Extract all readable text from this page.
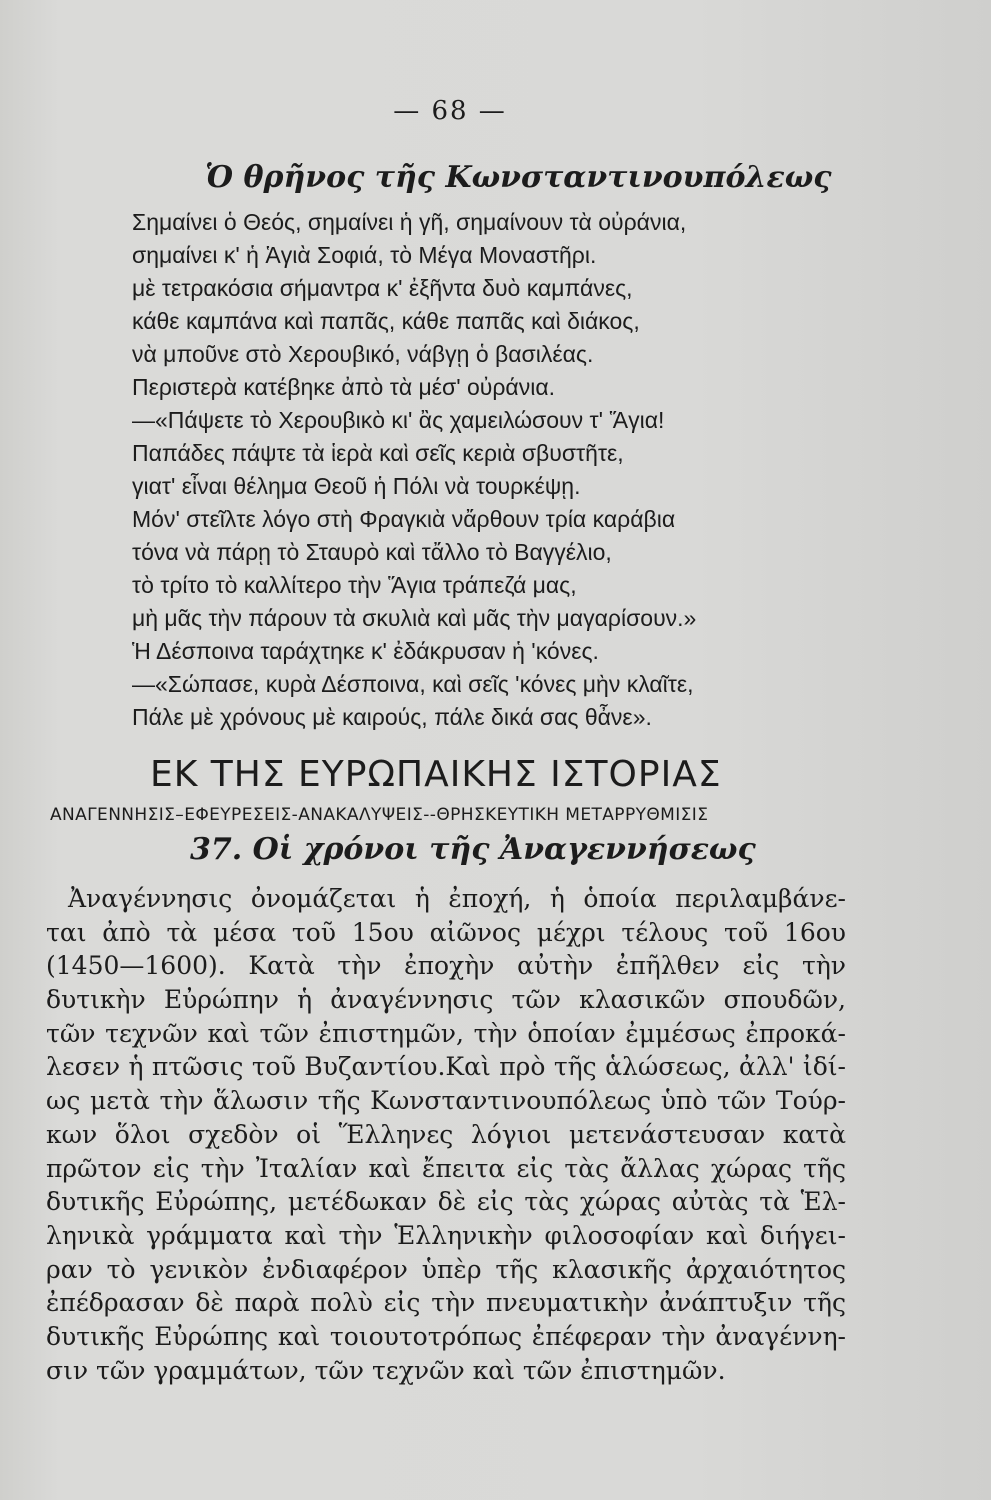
— 68 —
Ὁ θρῆνος τῆς Κωνσταντινουπόλεως
Σημαίνει ὁ Θεός, σημαίνει ἡ γῆ, σημαίνουν τὰ οὐράνια,
σημαίνει κ' ἡ Ἁγιὰ Σοφιά, τὸ Μέγα Μοναστῆρι.
μὲ τετρακόσια σήμαντρα κ' ἐξῆντα δυὸ καμπάνες,
κάθε καμπάνα καὶ παπᾶς, κάθε παπᾶς καὶ διάκος,
νὰ μποῦνε στὸ Χερουβικό, νάβγῃ ὁ βασιλέας.
Περιστερὰ κατέβηκε ἀπὸ τὰ μέσ' οὐράνια.
—«Πάψετε τὸ Χερουβικὸ κι' ἂς χαμειλώσουν τ' Ἅγια!
Παπάδες πάψτε τὰ ἱερὰ καὶ σεῖς κεριὰ σβυστῆτε,
γιατ' εἶναι θέλημα Θεοῦ ἡ Πόλι νὰ τουρκέψῃ.
Μόν' στεῖλτε λόγο στὴ Φραγκιὰ νἄρθουν τρία καράβια
τόνα νὰ πάρῃ τὸ Σταυρὸ καὶ τἄλλο τὸ Βαγγέλιο,
τὸ τρίτο τὸ καλλίτερο τὴν Ἅγια τράπεζά μας,
μὴ μᾶς τὴν πάρουν τὰ σκυλιὰ καὶ μᾶς τὴν μαγαρίσουν.»
Ἡ Δέσποινα ταράχτηκε κ' ἐδάκρυσαν ἡ 'κόνες.
—«Σώπασε, κυρὰ Δέσποινα, καὶ σεῖς 'κόνες μὴν κλαῖτε,
Πάλε μὲ χρόνους μὲ καιρούς, πάλε δικά σας θἆνε».
ΕΚ ΤΗΣ ΕΥΡΩΠΑΙΚΗΣ ΙΣΤΟΡΙΑΣ
ΑΝΑΓΕΝΝΗΣΙΣ–ΕΦΕΥΡΕΣΕΙΣ-ΑΝΑΚΑΛΥΨΕΙΣ--ΘΡΗΣΚΕΥΤΙΚΗ ΜΕΤΑΡΡΥΘΜΙΣΙΣ
37. Οἱ χρόνοι τῆς Ἀναγεννήσεως
Ἀναγέννησις ὀνομάζεται ἡ ἐποχή, ἡ ὁποία περιλαμβάνε-
ται ἀπὸ τὰ μέσα τοῦ 15ου αἰῶνος μέχρι τέλους τοῦ 16ου
(1450—1600). Κατὰ τὴν ἐποχὴν αὐτὴν ἐπῆλθεν εἰς τὴν
δυτικὴν Εὐρώπην ἡ ἀναγέννησις τῶν κλασικῶν σπουδῶν,
τῶν τεχνῶν καὶ τῶν ἐπιστημῶν, τὴν ὁποίαν ἐμμέσως ἐπροκά-
λεσεν ἡ πτῶσις τοῦ Βυζαντίου.Καὶ πρὸ τῆς ἁλώσεως, ἀλλ' ἰδί-
ως μετὰ τὴν ἅλωσιν τῆς Κωνσταντινουπόλεως ὑπὸ τῶν Τούρ-
κων ὅλοι σχεδὸν οἱ Ἕλληνες λόγιοι μετενάστευσαν κατὰ
πρῶτον εἰς τὴν Ἰταλίαν καὶ ἔπειτα εἰς τὰς ἄλλας χώρας τῆς
δυτικῆς Εὐρώπης, μετέδωκαν δὲ εἰς τὰς χώρας αὐτὰς τὰ Ἑλ-
ληνικὰ γράμματα καὶ τὴν Ἑλληνικὴν φιλοσοφίαν καὶ διήγει-
ραν τὸ γενικὸν ἐνδιαφέρον ὑπὲρ τῆς κλασικῆς ἀρχαιότητος
ἐπέδρασαν δὲ παρὰ πολὺ εἰς τὴν πνευματικὴν ἀνάπτυξιν τῆς
δυτικῆς Εὐρώπης καὶ τοιουτοτρόπως ἐπέφεραν τὴν ἀναγέννη-
σιν τῶν γραμμάτων, τῶν τεχνῶν καὶ τῶν ἐπιστημῶν.
